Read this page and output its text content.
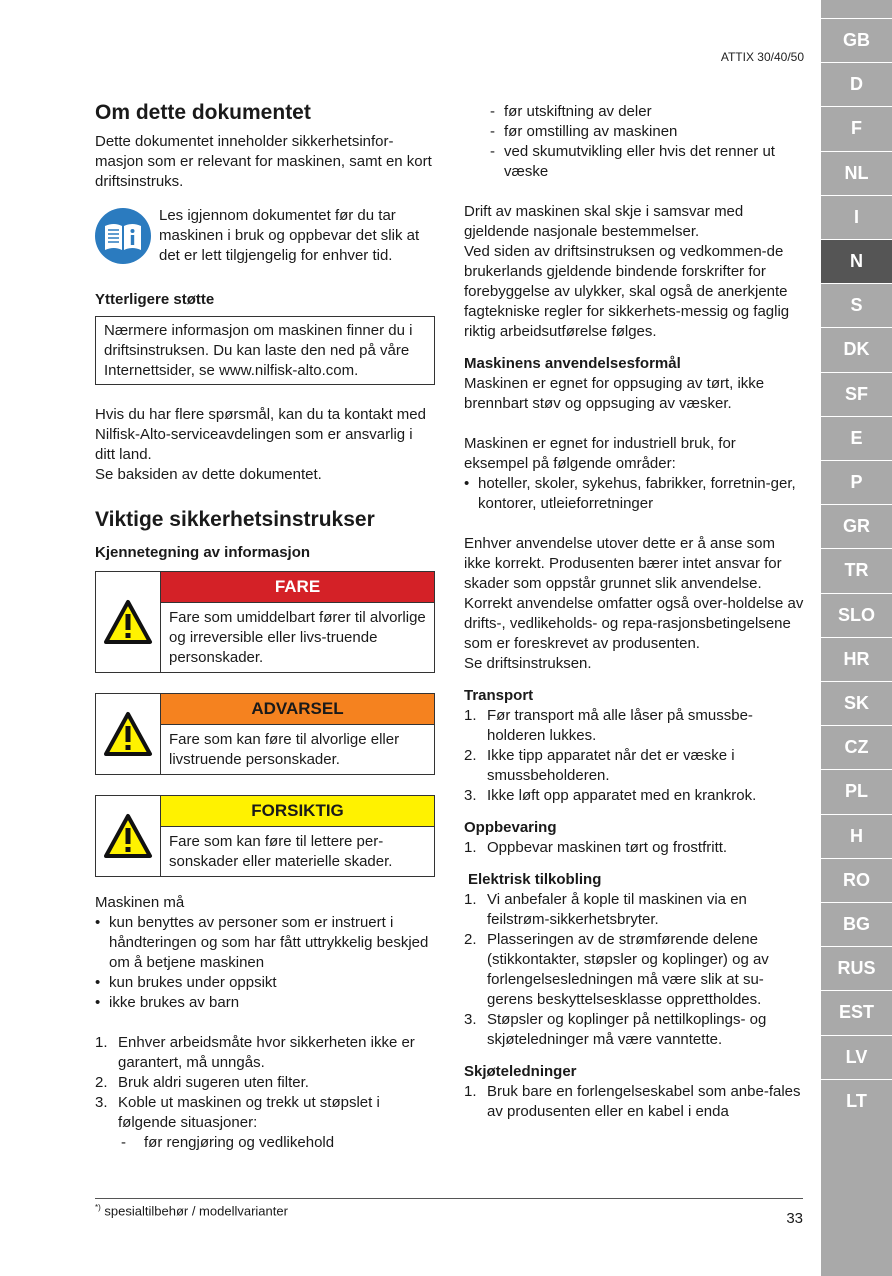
ATTIX 30/40/50
Om dette dokumentet

Dette dokumentet inneholder sikkerhetsinfor-masjon som er relevant for maskinen, samt en kort driftsinstruks.

Les igjennom dokumentet før du tar maskinen i bruk og oppbevar det slik at det er lett tilgjengelig for enhver tid.
Ytterligere støtte
Nærmere informasjon om maskinen finner du i driftsinstruksen. Du kan laste den ned på våre Internettsider, se www.nilfisk-alto.com.

Hvis du har flere spørsmål, kan du ta kontakt med Nilfisk-Alto-serviceavdelingen som er ansvarlig i ditt land.

Se baksiden av dette dokumentet.

Viktige sikkerhetsinstrukser
Kjennetegning av informasjon
FARE
Fare som umiddelbart fører til alvorlige og irreversible eller livs-truende personskader.
ADVARSEL
Fare som kan føre til alvorlige eller livstruende personskader.
FORSIKTIG
Fare som kan føre til lettere per-sonskader eller materielle skader.

Maskinen må

• kun benyttes av personer som er instruert i håndteringen og som har fått uttrykkelig beskjed om å betjene maskinen
• kun brukes under oppsikt
• ikke brukes av barn
1. Enhver arbeidsmåte hvor sikkerheten ikke er garantert, må unngås.
2. Bruk aldri sugeren uten filter.
3. Koble ut maskinen og trekk ut støpslet i følgende situasjoner:
- før rengjøring og vedlikehold
- før utskiftning av deler
- før omstilling av maskinen
- ved skumutvikling eller hvis det renner ut væske

Drift av maskinen skal skje i samsvar med gjeldende nasjonale bestemmelser.

Ved siden av driftsinstruksen og vedkommen-de brukerlands gjeldende bindende forskrifter for forebyggelse av ulykker, skal også de anerkjente fagtekniske regler for sikkerhets-messig og faglig riktig arbeidsutførelse følges.

Maskinens anvendelsesformål

Maskinen er egnet for oppsuging av tørt, ikke brennbart støv og oppsuging av væsker.

Maskinen er egnet for industriell bruk, for eksempel på følgende områder:

• hoteller, skoler, sykehus, fabrikker, forretnin-ger, kontorer, utleieforretninger

Enhver anvendelse utover dette er å anse som ikke korrekt. Produsenten bærer intet ansvar for skader som oppstår grunnet slik anvendelse.

Korrekt anvendelse omfatter også over-holdelse av drifts-, vedlikeholds- og repa-rasjonsbetingelsene som er foreskrevet av produsenten.

Se driftsinstruksen.

Transport
1. Før transport må alle låser på smussbe-holderen lukkes.
2. Ikke tipp apparatet når det er væske i smussbeholderen.
3. Ikke løft opp apparatet med en krankrok.
Oppbevaring
1. Oppbevar maskinen tørt og frostfritt.
Elektrisk tilkobling
1. Vi anbefaler å kople til maskinen via en feilstrøm-sikkerhetsbryter.
2. Plasseringen av de strømførende delene (stikkontakter, støpsler og koplinger) og av forlengelsesledningen må være slik at su-gerens beskyttelsesklasse opprettholdes.
3. Støpsler og koplinger på nettilkoplings- og skjøteledninger må være vanntette.
Skjøteledninger
1. Bruk bare en forlengelseskabel som anbe-fales av produsenten eller en kabel i enda
*) spesialtilbehør / modellvarianter	33
GB
D
F
NL
I
N
S
DK
SF
E
P
GR
TR
SLO
HR
SK
CZ
PL
H
RO
BG
RUS
EST
LV
LT
